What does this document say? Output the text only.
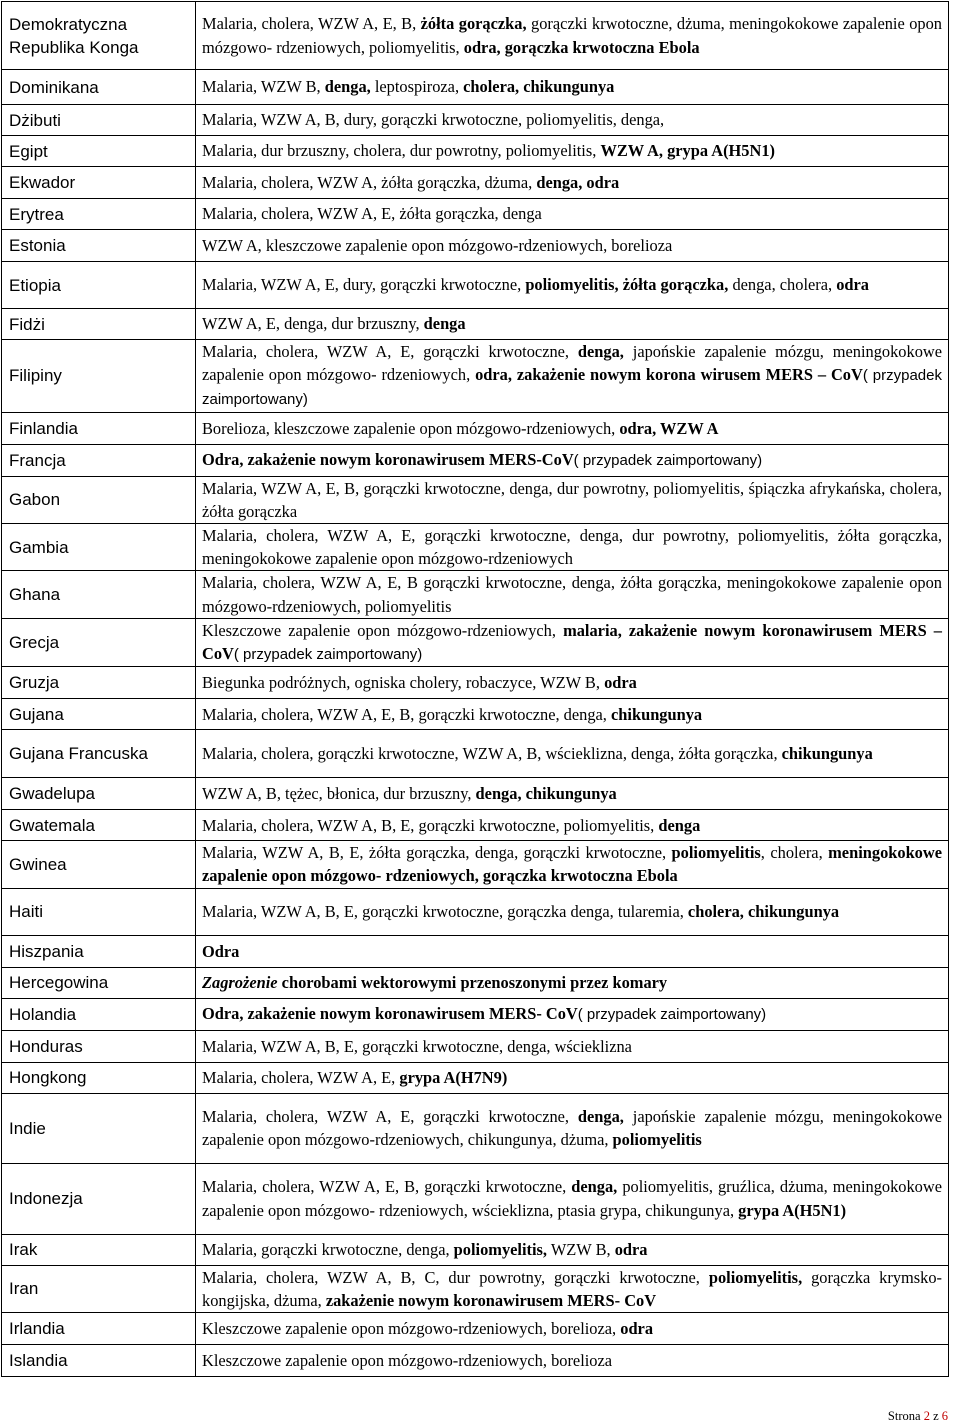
Demokratyczna Republika Konga	Malaria, cholera, WZW A, E, B, żółta gorączka, gorączki krwotoczne, dżuma, meningokokowe zapalenie opon mózgowo- rdzeniowych, poliomyelitis, odra, gorączka krwotoczna Ebola
Dominikana	Malaria, WZW B, denga, leptospiroza, cholera, chikungunya
Dżibuti	Malaria, WZW A, B, dury, gorączki krwotoczne, poliomyelitis, denga,
Egipt	Malaria, dur brzuszny, cholera, dur powrotny, poliomyelitis, WZW A, grypa A(H5N1)
Ekwador	Malaria, cholera, WZW A, żółta gorączka, dżuma, denga, odra
Erytrea	Malaria, cholera, WZW A, E, żółta gorączka, denga
Estonia	WZW A, kleszczowe zapalenie opon mózgowo-rdzeniowych, borelioza
Etiopia	Malaria, WZW A, E, dury, gorączki krwotoczne, poliomyelitis, żółta gorączka, denga, cholera, odra
Fidżi	WZW A, E, denga, dur brzuszny, denga
Filipiny	Malaria, cholera, WZW A, E, gorączki krwotoczne, denga, japońskie zapalenie mózgu, meningokokowe zapalenie opon mózgowo- rdzeniowych, odra, zakażenie nowym korona wirusem MERS – CoV( przypadek zaimportowany)
Finlandia	Borelioza, kleszczowe zapalenie opon mózgowo-rdzeniowych, odra, WZW A
Francja	Odra, zakażenie nowym koronawirusem MERS-CoV( przypadek zaimportowany)
Gabon	Malaria, WZW A, E, B, gorączki krwotoczne, denga, dur powrotny, poliomyelitis, śpiączka afrykańska, cholera, żółta gorączka
Gambia	Malaria, cholera, WZW A, E, gorączki krwotoczne, denga, dur powrotny, poliomyelitis, żółta gorączka, meningokokowe zapalenie opon mózgowo-rdzeniowych
Ghana	Malaria, cholera, WZW A, E, B gorączki krwotoczne, denga, żółta gorączka, meningokokowe zapalenie opon mózgowo-rdzeniowych, poliomyelitis
Grecja	Kleszczowe zapalenie opon mózgowo-rdzeniowych, malaria, zakażenie nowym koronawirusem MERS – CoV( przypadek zaimportowany)
Gruzja	Biegunka podróżnych, ogniska cholery, robaczyce, WZW B, odra
Gujana	Malaria, cholera, WZW A, E, B, gorączki krwotoczne, denga, chikungunya
Gujana Francuska	Malaria, cholera, gorączki krwotoczne, WZW A, B, wścieklizna, denga, żółta gorączka, chikungunya
Gwadelupa	WZW A, B, tężec, błonica, dur brzuszny, denga, chikungunya
Gwatemala	Malaria, cholera, WZW A, B, E, gorączki krwotoczne, poliomyelitis, denga
Gwinea	Malaria, WZW A, B, E, żółta gorączka, denga, gorączki krwotoczne, poliomyelitis, cholera, meningokokowe zapalenie opon mózgowo- rdzeniowych, gorączka krwotoczna Ebola
Haiti	Malaria, WZW A, B, E, gorączki krwotoczne, gorączka denga, tularemia, cholera, chikungunya
Hiszpania	Odra
Hercegowina	Zagrożenie chorobami wektorowymi przenoszonymi przez komary
Holandia	Odra, zakażenie nowym koronawirusem MERS- CoV( przypadek zaimportowany)
Honduras	Malaria, WZW A, B, E, gorączki krwotoczne, denga, wścieklizna
Hongkong	Malaria, cholera, WZW A, E, grypa A(H7N9)
Indie	Malaria, cholera, WZW A, E, gorączki krwotoczne, denga, japońskie zapalenie mózgu, meningokokowe zapalenie opon mózgowo-rdzeniowych, chikungunya, dżuma, poliomyelitis
Indonezja	Malaria, cholera, WZW A, E, B, gorączki krwotoczne, denga, poliomyelitis, gruźlica, dżuma, meningokokowe zapalenie opon mózgowo- rdzeniowych, wścieklizna, ptasia grypa, chikungunya, grypa A(H5N1)
Irak	Malaria, gorączki krwotoczne, denga, poliomyelitis, WZW B, odra
Iran	Malaria, cholera, WZW A, B, C, dur powrotny, gorączki krwotoczne, poliomyelitis, gorączka krymsko-kongijska, dżuma, zakażenie nowym koronawirusem MERS- CoV
Irlandia	Kleszczowe zapalenie opon mózgowo-rdzeniowych, borelioza, odra
Islandia	Kleszczowe zapalenie opon mózgowo-rdzeniowych, borelioza
Strona 2 z 6
